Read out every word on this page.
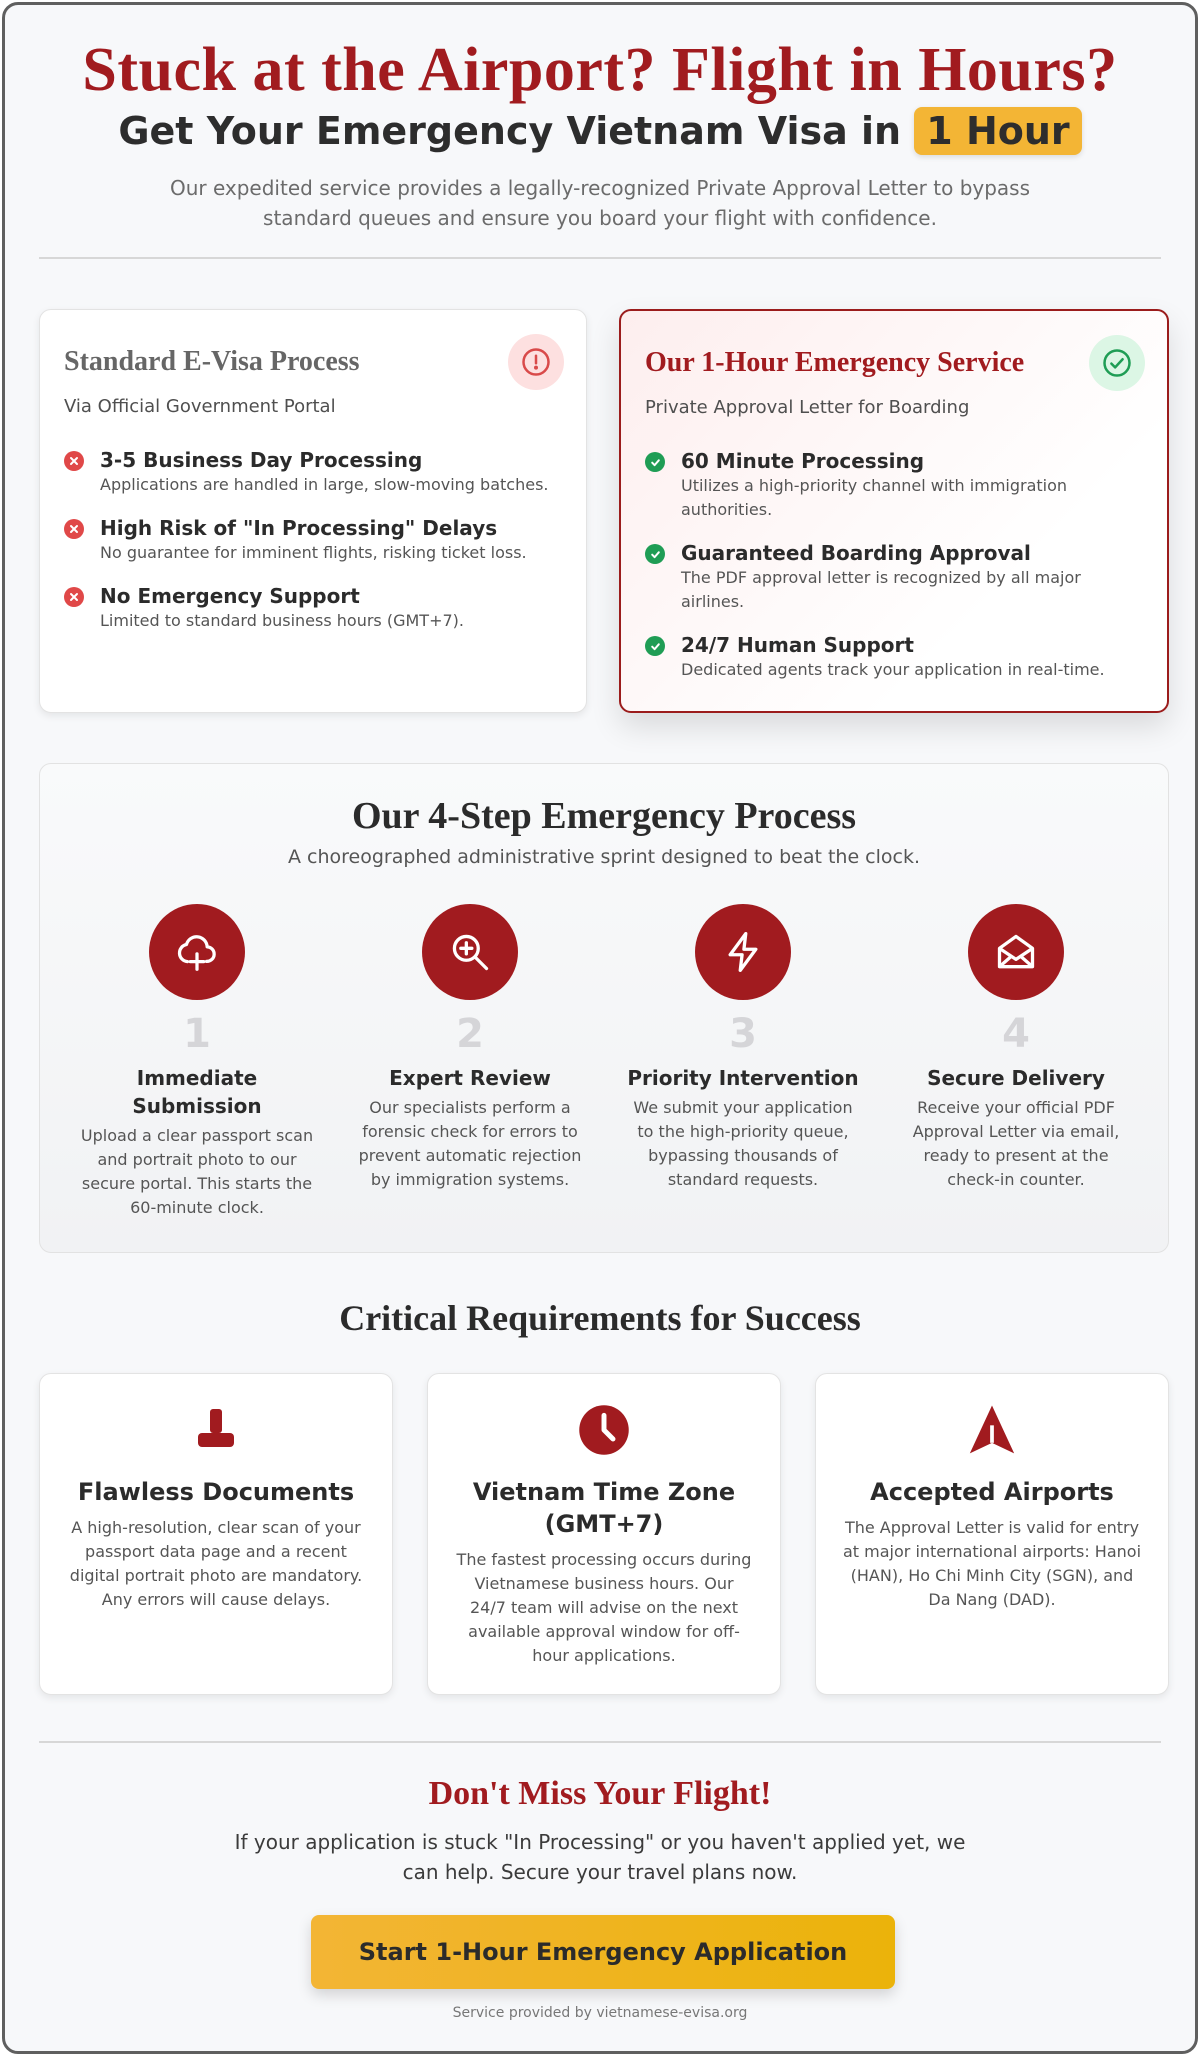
Stuck at the Airport? Flight in Hours?
Get Your Emergency Vietnam Visa in 1 Hour

Our expedited service provides a legally-recognized Private Approval Letter to bypass standard queues and ensure you board your flight with confidence.

Standard E-Visa Process
Via Official Government Portal
3-5 Business Day Processing
Applications are handled in large, slow-moving batches.
High Risk of "In Processing" Delays
No guarantee for imminent flights, risking ticket loss.
No Emergency Support
Limited to standard business hours (GMT+7).
Our 1-Hour Emergency Service
Private Approval Letter for Boarding
60 Minute Processing
Utilizes a high-priority channel with immigration authorities.
Guaranteed Boarding Approval
The PDF approval letter is recognized by all major airlines.
24/7 Human Support
Dedicated agents track your application in real-time.
Our 4-Step Emergency Process
A choreographed administrative sprint designed to beat the clock.
1
Immediate Submission
Upload a clear passport scan and portrait photo to our secure portal. This starts the 60-minute clock.
2
Expert Review
Our specialists perform a forensic check for errors to prevent automatic rejection by immigration systems.
3
Priority Intervention
We submit your application to the high-priority queue, bypassing thousands of standard requests.
4
Secure Delivery
Receive your official PDF Approval Letter via email, ready to present at the check-in counter.
Critical Requirements for Success
Flawless Documents
A high-resolution, clear scan of your passport data page and a recent digital portrait photo are mandatory. Any errors will cause delays.
Vietnam Time Zone (GMT+7)
The fastest processing occurs during Vietnamese business hours. Our 24/7 team will advise on the next available approval window for off-hour applications.
Accepted Airports
The Approval Letter is valid for entry at major international airports: Hanoi (HAN), Ho Chi Minh City (SGN), and Da Nang (DAD).
Don't Miss Your Flight!

If your application is stuck "In Processing" or you haven't applied yet, we can help. Secure your travel plans now.

Start 1-Hour Emergency Application
Service provided by vietnamese-evisa.org
